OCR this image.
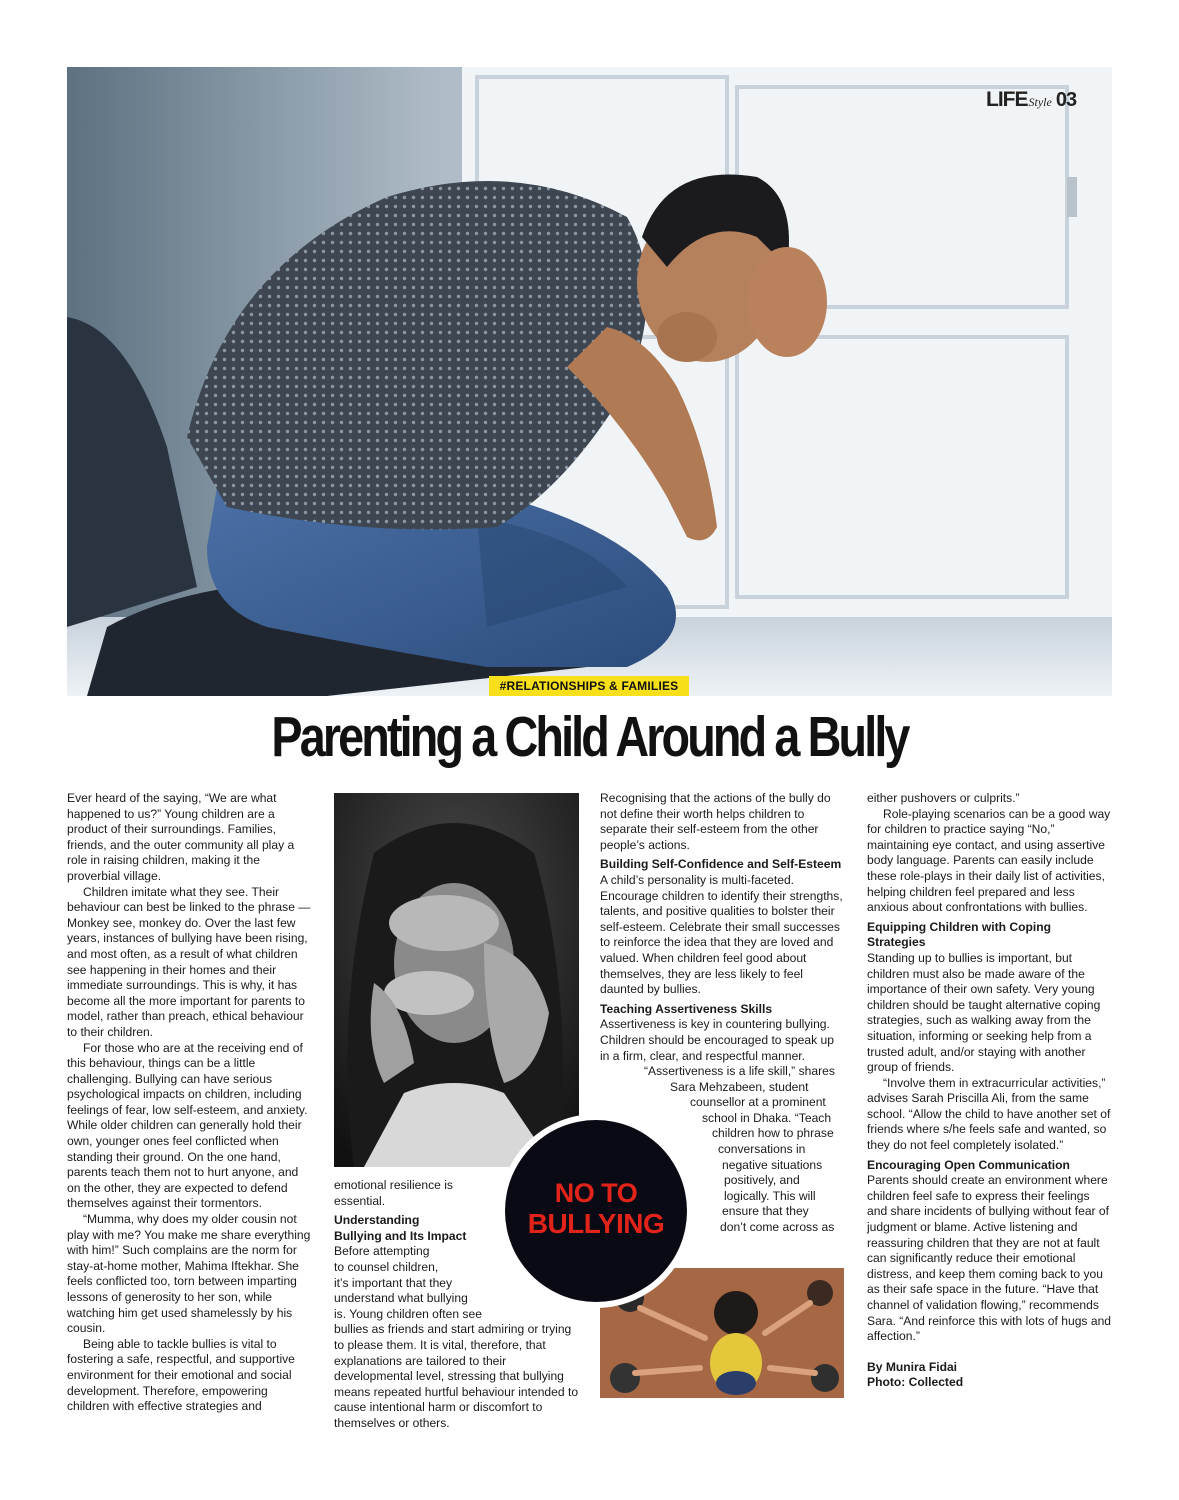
LIFEStyle 03
#RELATIONSHIPS & FAMILIES
Parenting a Child Around a Bully

Ever heard of the saying, “We are what happened to us?” Young children are a product of their surroundings. Families, friends, and the outer community all play a role in raising children, making it the proverbial village.

Children imitate what they see. Their behaviour can best be linked to the phrase — Monkey see, monkey do. Over the last few years, instances of bullying have been rising, and most often, as a result of what children see happening in their homes and their immediate surroundings. This is why, it has become all the more important for parents to model, rather than preach, ethical behaviour to their children.

For those who are at the receiving end of this behaviour, things can be a little challenging. Bullying can have serious psychological impacts on children, including feelings of fear, low self-esteem, and anxiety. While older children can generally hold their own, younger ones feel conflicted when standing their ground. On the one hand, parents teach them not to hurt anyone, and on the other, they are expected to defend themselves against their tormentors.

“Mumma, why does my older cousin not play with me? You make me share everything with him!” Such complains are the norm for stay-at-home mother, Mahima Iftekhar. She feels conflicted too, torn between imparting lessons of generosity to her son, while watching him get used shamelessly by his cousin.

Being able to tackle bullies is vital to fostering a safe, respectful, and supportive environment for their emotional and social development. Therefore, empowering children with effective strategies and

emotional resilience is essential.

Understanding
Bullying and Its Impact

Before attempting
to counsel children,
it’s important that they
understand what bullying
is. Young children often see

bullies as friends and start admiring or trying to please them. It is vital, therefore, that explanations are tailored to their developmental level, stressing that bullying means repeated hurtful behaviour intended to cause intentional harm or discomfort to themselves or others.

Recognising that the actions of the bully do not define their worth helps children to separate their self-esteem from the other people’s actions.

Building Self-Confidence and Self-Esteem

A child’s personality is multi-faceted. Encourage children to identify their strengths, talents, and positive qualities to bolster their self-esteem. Celebrate their small successes to reinforce the idea that they are loved and valued. When children feel good about themselves, they are less likely to feel daunted by bullies.

Teaching Assertiveness Skills

Assertiveness is key in countering bullying. Children should be encouraged to speak up in a firm, clear, and respectful manner.

“Assertiveness is a life skill,” shares
Sara Mehzabeen, student
counsellor at a prominent
school in Dhaka. “Teach
children how to phrase
conversations in
negative situations
positively, and
logically. This will
ensure that they
don’t come across as
NO TO
BULLYING

either pushovers or culprits.”

Role-playing scenarios can be a good way for children to practice saying “No,” maintaining eye contact, and using assertive body language. Parents can easily include these role-plays in their daily list of activities, helping children feel prepared and less anxious about confrontations with bullies.

Equipping Children with Coping Strategies

Standing up to bullies is important, but children must also be made aware of the importance of their own safety. Very young children should be taught alternative coping strategies, such as walking away from the situation, informing or seeking help from a trusted adult, and/or staying with another group of friends.

“Involve them in extracurricular activities,” advises Sarah Priscilla Ali, from the same school. “Allow the child to have another set of friends where s/he feels safe and wanted, so they do not feel completely isolated.”

Encouraging Open Communication

Parents should create an environment where children feel safe to express their feelings and share incidents of bullying without fear of judgment or blame. Active listening and reassuring children that they are not at fault can significantly reduce their emotional distress, and keep them coming back to you as their safe space in the future. “Have that channel of validation flowing,” recommends Sara. “And reinforce this with lots of hugs and affection.”

By Munira Fidai

Photo: Collected
